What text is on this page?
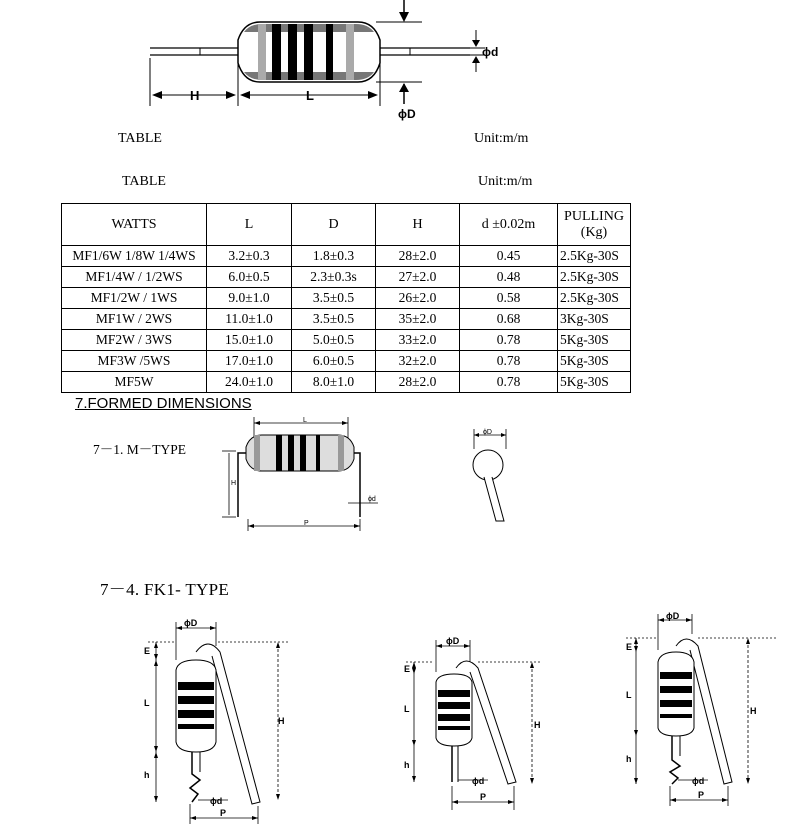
H	L
ϕd
ϕD
TABLE	Unit:m/m
TABLE	Unit:m/m
WATTS	L	D	H	d ±0.02m	PULLING
(Kg)
MF1/6W 1/8W 1/4WS	3.2±0.3	1.8±0.3	28±2.0	0.45	2.5Kg-30S
MF1/4W / 1/2WS	6.0±0.5	2.3±0.3s	27±2.0	0.48	2.5Kg-30S
MF1/2W / 1WS	9.0±1.0	3.5±0.5	26±2.0	0.58	2.5Kg-30S
MF1W / 2WS	11.0±1.0	3.5±0.5	35±2.0	0.68	3Kg-30S
MF2W / 3WS	15.0±1.0	5.0±0.5	33±2.0	0.78	5Kg-30S
MF3W /5WS	17.0±1.0	6.0±0.5	32±2.0	0.78	5Kg-30S
MF5W	24.0±1.0	8.0±1.0	28±2.0	0.78	5Kg-30S
7.FORMED DIMENSIONS
7－1. M－TYPE
L
H
P
ϕd
ϕD
7－4. FK1- TYPE
ϕD
E
L
h
H
P
ϕd
ϕD
E
L
h
H
P
ϕd
ϕD
E
L
h
H
P
ϕd
